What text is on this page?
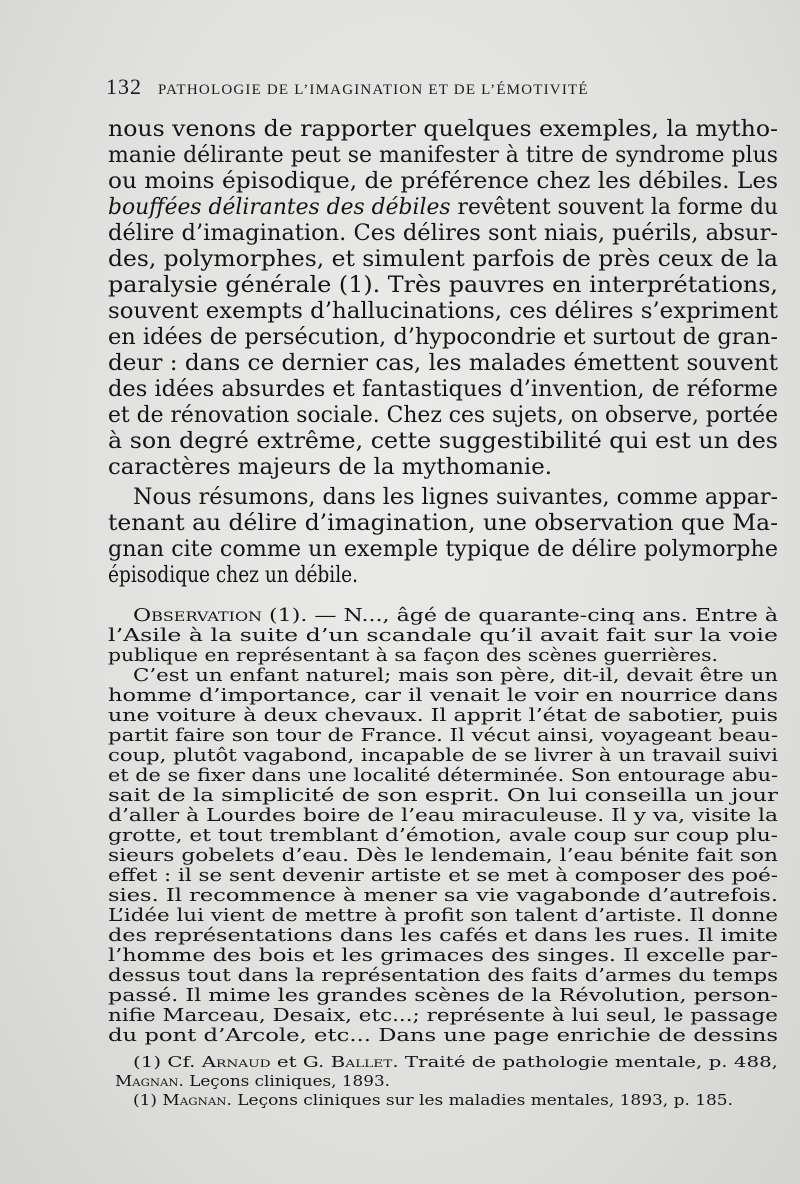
132 PATHOLOGIE DE L’IMAGINATION ET DE L’ÉMOTIVITÉ
nous venons de rapporter quelques exemples, la mytho-
manie délirante peut se manifester à titre de syndrome plus
ou moins épisodique, de préférence chez les débiles. Les
bouffées délirantes des débiles revêtent souvent la forme du
délire d’imagination. Ces délires sont niais, puérils, absur-
des, polymorphes, et simulent parfois de près ceux de la
paralysie générale (1). Très pauvres en interprétations,
souvent exempts d’hallucinations, ces délires s’expriment
en idées de persécution, d’hypocondrie et surtout de gran-
deur : dans ce dernier cas, les malades émettent souvent
des idées absurdes et fantastiques d’invention, de réforme
et de rénovation sociale. Chez ces sujets, on observe, portée
à son degré extrême, cette suggestibilité qui est un des
caractères majeurs de la mythomanie.
Nous résumons, dans les lignes suivantes, comme appar-
tenant au délire d’imagination, une observation que Ma-
gnan cite comme un exemple typique de délire polymorphe
épisodique chez un débile.
Observation (1). — N..., âgé de quarante-cinq ans. Entre à
l’Asile à la suite d’un scandale qu’il avait fait sur la voie
publique en représentant à sa façon des scènes guerrières.
C’est un enfant naturel; mais son père, dit-il, devait être un
homme d’importance, car il venait le voir en nourrice dans
une voiture à deux chevaux. Il apprit l’état de sabotier, puis
partit faire son tour de France. Il vécut ainsi, voyageant beau-
coup, plutôt vagabond, incapable de se livrer à un travail suivi
et de se fixer dans une localité déterminée. Son entourage abu-
sait de la simplicité de son esprit. On lui conseilla un jour
d’aller à Lourdes boire de l’eau miraculeuse. Il y va, visite la
grotte, et tout tremblant d’émotion, avale coup sur coup plu-
sieurs gobelets d’eau. Dès le lendemain, l’eau bénite fait son
effet : il se sent devenir artiste et se met à composer des poé-
sies. Il recommence à mener sa vie vagabonde d’autrefois.
L’idée lui vient de mettre à profit son talent d’artiste. Il donne
des représentations dans les cafés et dans les rues. Il imite
l’homme des bois et les grimaces des singes. Il excelle par-
dessus tout dans la représentation des faits d’armes du temps
passé. Il mime les grandes scènes de la Révolution, person-
nifie Marceau, Desaix, etc...; représente à lui seul, le passage
du pont d’Arcole, etc... Dans une page enrichie de dessins
(1) Cf. Arnaud et G. Ballet. Traité de pathologie mentale, p. 488,
Magnan. Leçons cliniques, 1893.
(1) Magnan. Leçons cliniques sur les maladies mentales, 1893, p. 185.
